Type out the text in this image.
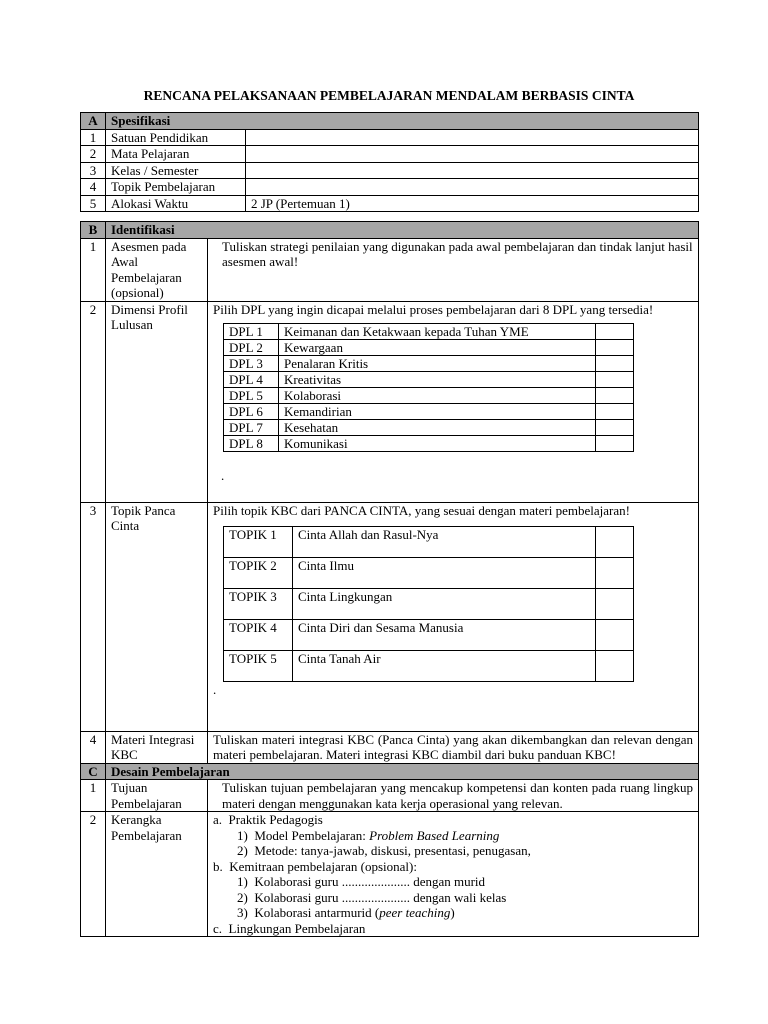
RENCANA PELAKSANAAN PEMBELAJARAN MENDALAM BERBASIS CINTA
A	Spesifikasi	
1	Satuan Pendidikan	
2	Mata Pelajaran	
3	Kelas / Semester	
4	Topik Pembelajaran	
5	Alokasi Waktu	2 JP (Pertemuan 1)
B	Identifikasi
1	Asesmen pada Awal Pembelajaran (opsional)	Tuliskan strategi penilaian yang digunakan pada awal pembelajaran dan tindak lanjut hasil asesmen awal!
2	Dimensi Profil Lulusan	
Pilih DPL yang ingin dicapai melalui proses pembelajaran dari 8 DPL yang tersedia!
DPL 1	Keimanan dan Ketakwaan kepada Tuhan YME	
DPL 2	Kewargaan	
DPL 3	Penalaran Kritis	
DPL 4	Kreativitas	
DPL 5	Kolaborasi	
DPL 6	Kemandirian	
DPL 7	Kesehatan	
DPL 8	Komunikasi	
.

3	Topik Panca Cinta	
Pilih topik KBC dari PANCA CINTA, yang sesuai dengan materi pembelajaran!
TOPIK 1	Cinta Allah dan Rasul-Nya	
TOPIK 2	Cinta Ilmu	
TOPIK 3	Cinta Lingkungan	
TOPIK 4	Cinta Diri dan Sesama Manusia	
TOPIK 5	Cinta Tanah Air	
.

4	Materi Integrasi KBC	Tuliskan materi integrasi KBC (Panca Cinta) yang akan dikembangkan dan relevan dengan materi pembelajaran. Materi integrasi KBC diambil dari buku panduan KBC!
C	Desain Pembelajaran
1	Tujuan Pembelajaran	Tuliskan tujuan pembelajaran yang mencakup kompetensi dan konten pada ruang lingkup materi dengan menggunakan kata kerja operasional yang relevan.
2	Kerangka Pembelajaran	
a.  Praktik Pedagogis
1)  Model Pembelajaran: Problem Based Learning
2)  Metode: tanya-jawab, diskusi, presentasi, penugasan,
b.  Kemitraan pembelajaran (opsional):
1)  Kolaborasi guru ..................... dengan murid
2)  Kolaborasi guru ..................... dengan wali kelas
3)  Kolaborasi antarmurid (peer teaching)
c.  Lingkungan Pembelajaran
